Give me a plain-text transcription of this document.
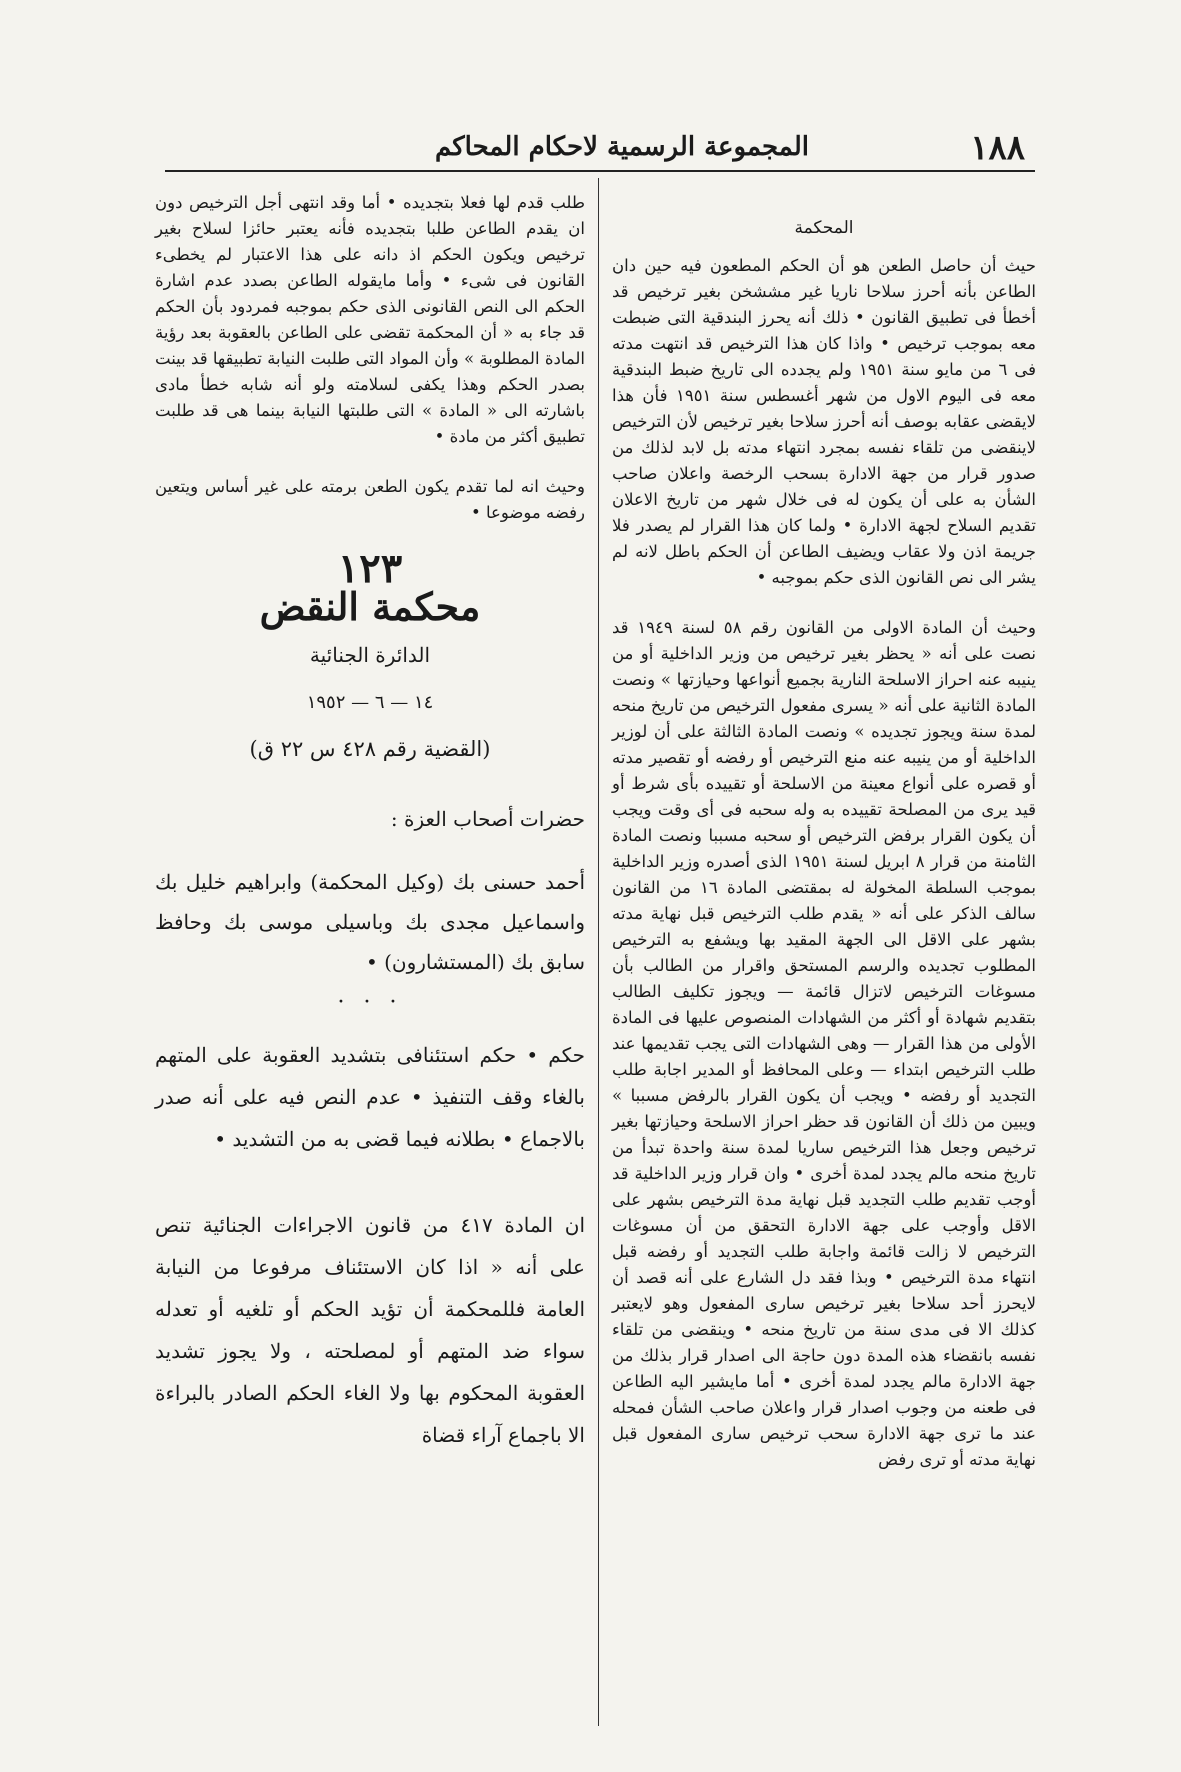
١٨٨
المجموعة الرسمية لاحكام المحاكم

المحكمة

حيث أن حاصل الطعن هو أن الحكم المطعون فيه حين دان الطاعن بأنه أحرز سلاحا ناريا غير مششخن بغير ترخيص قد أخطأ فى تطبيق القانون • ذلك أنه يحرز البندقية التى ضبطت معه بموجب ترخيص • واذا كان هذا الترخيص قد انتهت مدته فى ٦ من مايو سنة ١٩٥١ ولم يجدده الى تاريخ ضبط البندقية معه فى اليوم الاول من شهر أغسطس سنة ١٩٥١ فأن هذا لايقضى عقابه بوصف أنه أحرز سلاحا بغير ترخيص لأن الترخيص لاينقضى من تلقاء نفسه بمجرد انتهاء مدته بل لابد لذلك من صدور قرار من جهة الادارة بسحب الرخصة واعلان صاحب الشأن به على أن يكون له فى خلال شهر من تاريخ الاعلان تقديم السلاح لجهة الادارة • ولما كان هذا القرار لم يصدر فلا جريمة اذن ولا عقاب ويضيف الطاعن أن الحكم باطل لانه لم يشر الى نص القانون الذى حكم بموجبه •

وحيث أن المادة الاولى من القانون رقم ٥٨ لسنة ١٩٤٩ قد نصت على أنه « يحظر بغير ترخيص من وزير الداخلية أو من ينيبه عنه احراز الاسلحة النارية بجميع أنواعها وحيازتها » ونصت المادة الثانية على أنه « يسرى مفعول الترخيص من تاريخ منحه لمدة سنة ويجوز تجديده » ونصت المادة الثالثة على أن لوزير الداخلية أو من ينيبه عنه منع الترخيص أو رفضه أو تقصير مدته أو قصره على أنواع معينة من الاسلحة أو تقييده بأى شرط أو قيد يرى من المصلحة تقييده به وله سحبه فى أى وقت ويجب أن يكون القرار برفض الترخيص أو سحبه مسببا ونصت المادة الثامنة من قرار ٨ ابريل لسنة ١٩٥١ الذى أصدره وزير الداخلية بموجب السلطة المخولة له بمقتضى المادة ١٦ من القانون سالف الذكر على أنه « يقدم طلب الترخيص قبل نهاية مدته بشهر على الاقل الى الجهة المقيد بها ويشفع به الترخيص المطلوب تجديده والرسم المستحق واقرار من الطالب بأن مسوغات الترخيص لاتزال قائمة — ويجوز تكليف الطالب بتقديم شهادة أو أكثر من الشهادات المنصوص عليها فى المادة الأولى من هذا القرار — وهى الشهادات التى يجب تقديمها عند طلب الترخيص ابتداء — وعلى المحافظ أو المدير اجابة طلب التجديد أو رفضه • ويجب أن يكون القرار بالرفض مسببا » ويبين من ذلك أن القانون قد حظر احراز الاسلحة وحيازتها بغير ترخيص وجعل هذا الترخيص ساريا لمدة سنة واحدة تبدأ من تاريخ منحه مالم يجدد لمدة أخرى • وان قرار وزير الداخلية قد أوجب تقديم طلب التجديد قبل نهاية مدة الترخيص بشهر على الاقل وأوجب على جهة الادارة التحقق من أن مسوغات الترخيص لا زالت قائمة واجابة طلب التجديد أو رفضه قبل انتهاء مدة الترخيص • وبذا فقد دل الشارع على أنه قصد أن لايحرز أحد سلاحا بغير ترخيص سارى المفعول وهو لايعتبر كذلك الا فى مدى سنة من تاريخ منحه • وينقضى من تلقاء نفسه بانقضاء هذه المدة دون حاجة الى اصدار قرار بذلك من جهة الادارة مالم يجدد لمدة أخرى • أما مايشير اليه الطاعن فى طعنه من وجوب اصدار قرار واعلان صاحب الشأن فمحله عند ما ترى جهة الادارة سحب ترخيص سارى المفعول قبل نهاية مدته أو ترى رفض

طلب قدم لها فعلا بتجديده • أما وقد انتهى أجل الترخيص دون ان يقدم الطاعن طلبا بتجديده فأنه يعتبر حائزا لسلاح بغير ترخيص ويكون الحكم اذ دانه على هذا الاعتبار لم يخطىء القانون فى شىء • وأما مايقوله الطاعن بصدد عدم اشارة الحكم الى النص القانونى الذى حكم بموجبه فمردود بأن الحكم قد جاء به « أن المحكمة تقضى على الطاعن بالعقوبة بعد رؤية المادة المطلوبة » وأن المواد التى طلبت النيابة تطبيقها قد بينت بصدر الحكم وهذا يكفى لسلامته ولو أنه شابه خطأ مادى باشارته الى « المادة » التى طلبتها النيابة بينما هى قد طلبت تطبيق أكثر من مادة •

وحيث انه لما تقدم يكون الطعن برمته على غير أساس ويتعين رفضه موضوعا •

١٢٣

محكمة النقض

الدائرة الجنائية

١٤ — ٦ — ١٩٥٢

(القضية رقم ٤٢٨ س ٢٢ ق)

حضرات أصحاب العزة :

أحمد حسنى بك (وكيل المحكمة) وابراهيم خليل بك واسماعيل مجدى بك وباسيلى موسى بك وحافظ سابق بك (المستشارون) •

· · ·

حكم • حكم استئنافى بتشديد العقوبة على المتهم بالغاء وقف التنفيذ • عدم النص فيه على أنه صدر بالاجماع • بطلانه فيما قضى به من التشديد •

ان المادة ٤١٧ من قانون الاجراءات الجنائية تنص على أنه « اذا كان الاستئناف مرفوعا من النيابة العامة فللمحكمة أن تؤيد الحكم أو تلغيه أو تعدله سواء ضد المتهم أو لمصلحته ، ولا يجوز تشديد العقوبة المحكوم بها ولا الغاء الحكم الصادر بالبراءة الا باجماع آراء قضاة
